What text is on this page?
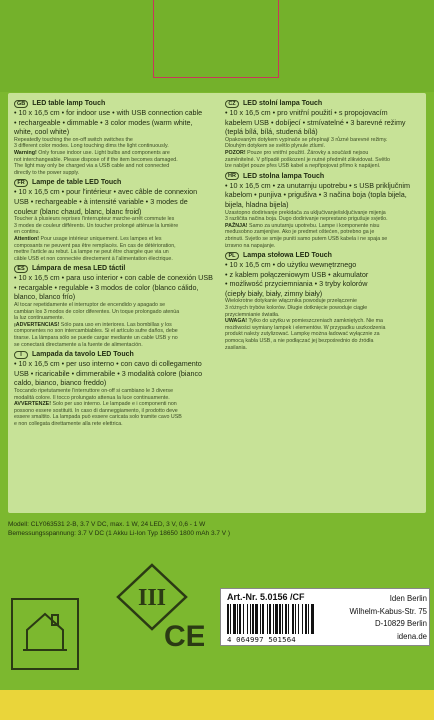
GB	LED table lamp Touch
• 10 x 16,5 cm • for indoor use • with USB connection cable
• rechargeable • dimmable • 3 color modes (warm white,
white, cool white)
Repeatedly touching the on-off switch switches the
3 different color modes. Long touching dims the light continuously.
Warning! Only foruse indoor use. Light bulbs and components are
not interchangeable. Please dispose of if the item becomes damaged.
The light may only be charged via a USB cable and not connected
directly to the power supply.
FR	Lampe de table LED Touch
• 10 x 16,5 cm • pour l'intérieur • avec câble de connexion
USB • rechargeable • à intensité variable • 3 modes de
couleur (blanc chaud, blanc, blanc froid)
Toucher à plusieurs reprises l'interrupteur marche-arrêt commute les
3 modes de couleur différents. Un toucher prolongé atténue la lumière
en continu.
Attention! Pour usage intérieur uniquement. Les lampes et les
composants ne peuvent pas être remplacés. En cas de détérioration,
mettre l'article au rebut. La lampe ne peut être chargée que via un
câble USB et non connectée directement à l'alimentation électrique.
ES	Lámpara de mesa LED táctil
• 10 x 16,5 cm • para uso interior • con cable de conexión USB
• recargable • regulable • 3 modos de color (blanco cálido,
blanco, blanco frío)
Al tocar repetidamente el interruptor de encendido y apagado se
cambian los 3 modos de color diferentes. Un toque prolongado atenúa
la luz continuamente.
¡ADVERTENCIAS! Sólo para uso en interiores. Las bombillas y los
componentes no son intercambiables. Si el artículo sufre daños, debe
tirarse. La lámpara sólo se puede cargar mediante un cable USB y no
se conectará directamente a la fuente de alimentación.
I	Lampada da tavolo LED Touch
• 10 x 16,5 cm • per uso interno • con cavo di collegamento
USB • ricaricabile • dimmerabile • 3 modalità colore (bianco
caldo, bianco, bianco freddo)
Toccando ripetutamente l'interruttore on-off si cambiano le 3 diverse
modalità colore. Il tocco prolungato attenua la luce continuamente.
AVVERTENZE! Solo per uso interno. Le lampade e i componenti non
possono essere sostituiti. In caso di danneggiamento, il prodotto deve
essere smaltito. La lampada può essere caricata solo tramite cavo USB
e non collegata direttamente alla rete elettrica.
CZ	LED stolní lampa Touch
• 10 x 16,5 cm • pro vnitřní použití • s propojovacím
kabelem USB • dobíjecí • stmívatelné • 3 barevné režimy
(teplá bílá, bílá, studená bílá)
Opakovaným dotykem vypínače se přepínají 3 různé barevné režimy.
Dlouhým dotykem se světlo plynule ztlumí.
POZOR! Pouze pro vnitřní použití. Žárovky a součásti nejsou
zaměnitelné. V případě poškození je nutné předmět zlikvidovat. Světlo
lze nabíjet pouze přes USB kabel a nepřipojovat přímo k napájení.
HR	LED stolna lampa Touch
• 10 x 16,5 cm • za unutarnju upotrebu • s USB priključnim
kabelom • punjiva • prigušiva • 3 načina boja (topla bijela,
bijela, hladna bijela)
Uzastopno dodirivanje prekidača za uključivanje/isključivanje mijenja
3 različita načina boja. Dugo dodirivanje neprestano prigušuje svjetlo.
PAŽNJA! Samo za unutarnju upotrebu. Lampe i komponente nisu
međusobno zamjenjive. Ako je predmet oštećen, potrebno ga je
zbrinuti. Svjetlo se smije puniti samo putem USB kabela i ne spaja se
izravno na napajanje.
PL	Lampa stołowa LED Touch
• 10 x 16,5 cm • do użytku wewnętrznego
• z kablem połączeniowym USB • akumulator
• możliwość przyciemniania • 3 tryby kolorów
(ciepły biały, biały, zimny biały)
Wielokrotne dotykanie włącznika powoduje przełączenie
3 różnych trybów kolorów. Długie dotknięcie powoduje ciągłe
przyciemnianie światła.
UWAGA! Tylko do użytku w pomieszczeniach zamkniętych. Nie ma
możliwości wymiany lampek i elementów. W przypadku uszkodzenia
produkt należy zutylizować. Lampkę można ładować wyłącznie za
pomocą kabla USB, a nie podłączać jej bezpośrednio do źródła
zasilania.
Modell: CLY063531 2-B, 3.7 V DC, max. 1 W, 24 LED, 3 V, 0,6 - 1 W
Bemessungsspannung: 3.7 V DC (1 Akku Li-Ion Typ 18650 1800 mAh 3.7 V )
III
CE
Art.-Nr. 5.0156 /CF
4 064997 501564
Iden Berlin
Wilhelm-Kabus-Str. 75
D-10829 Berlin
idena.de
